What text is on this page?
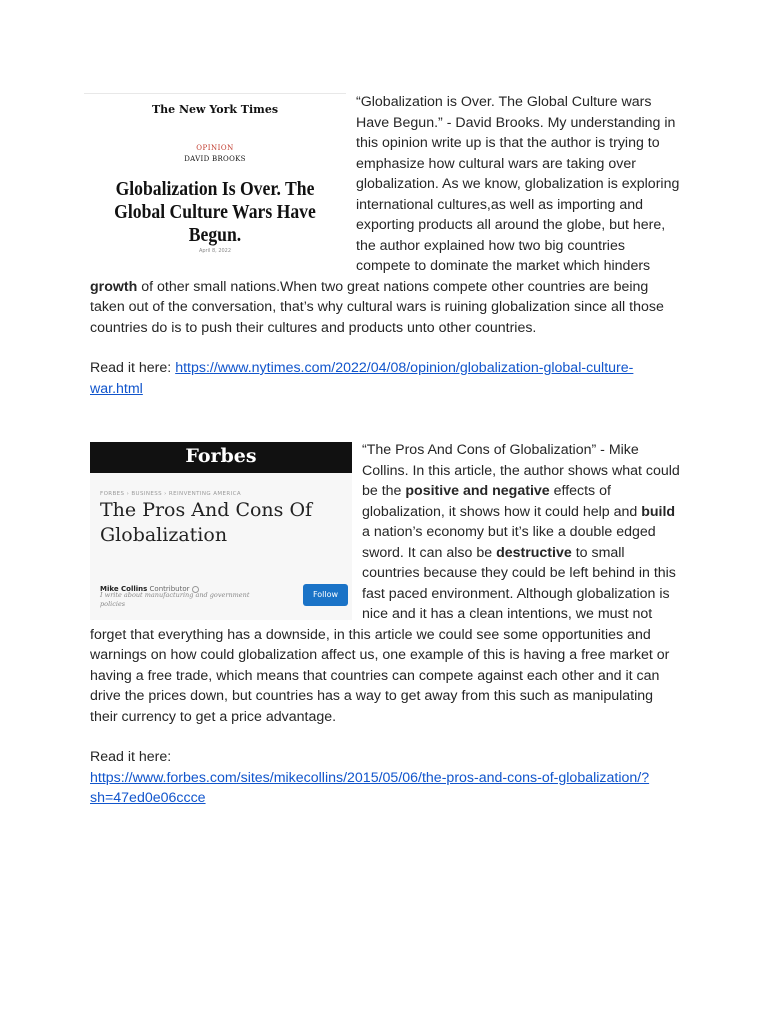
The New York Times
OPINION
DAVID BROOKS
Globalization Is Over. The Global Culture Wars Have Begun.
April 8, 2022

“Globalization is Over. The Global Culture wars Have Begun.” - David Brooks. My understanding in this opinion write up is that the author is trying to emphasize how cultural wars are taking over globalization. As we know, globalization is exploring international cultures,as well as importing and exporting products all around the globe, but here, the author explained how two big countries compete to dominate the market which hinders growth of other small nations.When two great nations compete other countries are being taken out of the conversation, that’s why cultural wars is ruining globalization since all those countries do is to push their cultures and products unto other countries.

Read it here: https://www.nytimes.com/2022/04/08/opinion/globalization-global-culture-war.html

Forbes
FORBES › BUSINESS › REINVENTING AMERICA
The Pros And Cons Of Globalization
Mike Collins Contributor
I write about manufacturing and government policies
Follow

“The Pros And Cons of Globalization” - Mike Collins. In this article, the author shows what could be the positive and negative effects of globalization, it shows how it could help and build a nation’s economy but it’s like a double edged sword. It can also be destructive to small countries because they could be left behind in this fast paced environment. Although globalization is nice and it has a clean intentions, we must not forget that everything has a downside, in this article we could see some opportunities and warnings on how could globalization affect us, one example of this is having a free market or having a free trade, which means that countries can compete against each other and it can drive the prices down, but countries has a way to get away from this such as manipulating their currency to get a price advantage.

Read it here:

https://www.forbes.com/sites/mikecollins/2015/05/06/the-pros-and-cons-of-globalization/?sh=47ed0e06ccce
